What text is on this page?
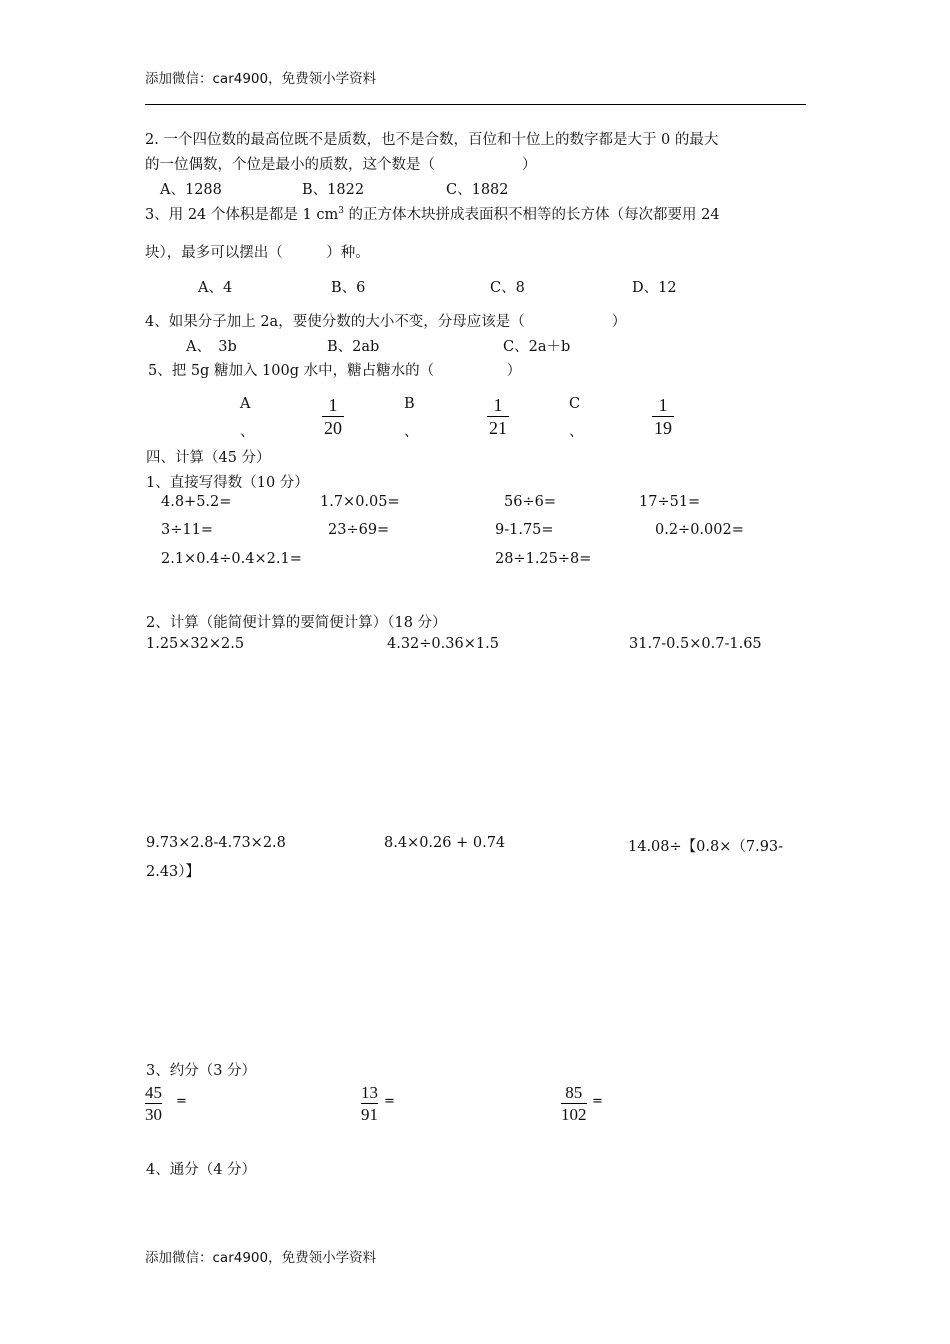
添加微信：car4900，免费领小学资料
2. 一个四位数的最高位既不是质数，也不是合数，百位和十位上的数字都是大于 0 的最大
的一位偶数，个位是最小的质数，这个数是（　　　　　　）
A、1288	B、1822	C、1882
3、用 24 个体积是都是 1 $cm^3$ 的正方体木块拼成表面积不相等的长方体（每次都要用 24
块），最多可以摆出（　　　）种。
A、4	B、6	C、8	D、12
4、如果分子加上 2a，要使分数的大小不变，分母应该是（　　　　　　）
A、　3b	B、2ab	C、2a＋b
5、把 5g 糖加入 100g 水中，糖占糖水的（　　　　　）
A
、
1
20
B
、
1
21
C
、
1
19
四、计算（45 分）
1、直接写得数（10 分）
4.8+5.2=	1.7×0.05=	56÷6=	17÷51=
3÷11=	23÷69=	9-1.75=	0.2÷0.002=
2.1×0.4÷0.4×2.1=	28÷1.25÷8=
2、计算（能简便计算的要简便计算）（18 分）
1.25×32×2.5	4.32÷0.36×1.5	31.7-0.5×0.7-1.65
9.73×2.8-4.73×2.8	8.4×0.26 + 0.74	14.08÷【0.8×（7.93-
2.43）】
3、约分（3 分）
45
30
=	13
91
=	85
102
=
4、通分（4 分）
添加微信：car4900，免费领小学资料
